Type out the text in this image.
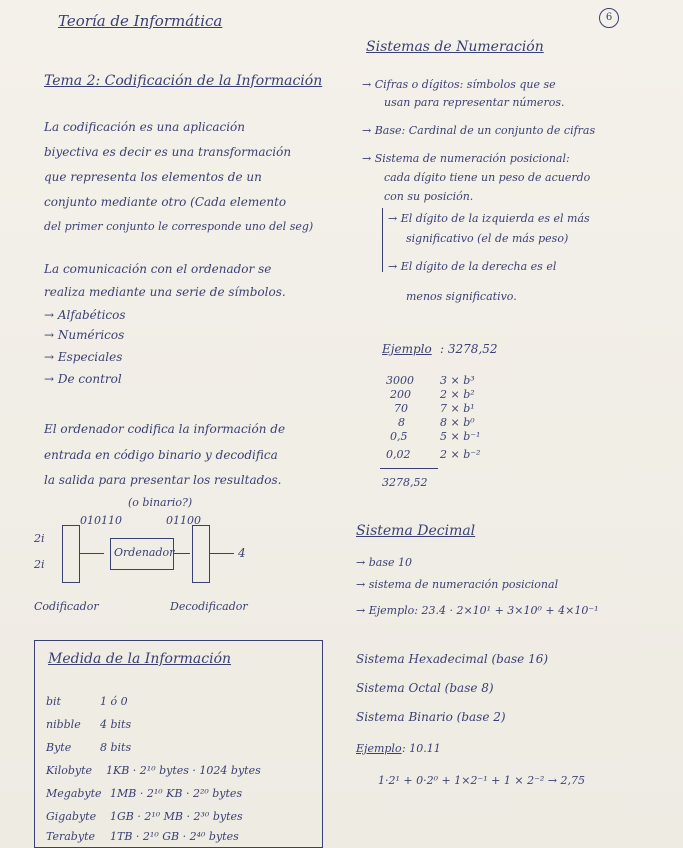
6
Teoría de Informática
Tema 2: Codificación de la Información
La codificación es una aplicación
biyectiva es decir es una transformación
que representa los elementos de un
conjunto mediante otro (Cada elemento
del primer conjunto le corresponde uno del seg)
La comunicación con el ordenador se
realiza mediante una serie de símbolos.
→ Alfabéticos
→ Numéricos
→ Especiales
→ De control
El ordenador codifica la información de
entrada en código binario y decodifica
la salida para presentar los resultados.
(o binario?)
010110	01100
2i
2i
Ordenador	4
Codificador	Decodificador
Medida de la Información
bit	1 ó 0
nibble 4 bits
Byte	8 bits
Kilobyte 1KB · 2¹⁰ bytes · 1024 bytes
Megabyte 1MB · 2¹⁰ KB · 2²⁰ bytes
Gigabyte 1GB · 2¹⁰ MB · 2³⁰ bytes
Terabyte 1TB · 2¹⁰ GB · 2⁴⁰ bytes
Sistemas de Numeración
→ Cifras o dígitos: símbolos que se
usan para representar números.
→ Base: Cardinal de un conjunto de cifras
→ Sistema de numeración posicional:
cada dígito tiene un peso de acuerdo
con su posición.
→ El dígito de la izquierda es el más
significativo (el de más peso)
→ El dígito de la derecha es el
menos significativo.
Ejemplo : 3278,52
3000 3 × b³
200	2 × b²
70	7 × b¹
8	8 × b⁰
0,5	5 × b⁻¹
0,02	2 × b⁻²
3278,52
Sistema Decimal
→ base 10
→ sistema de numeración posicional
→ Ejemplo: 23.4 · 2×10¹ + 3×10⁰ + 4×10⁻¹
Sistema Hexadecimal (base 16)
Sistema Octal (base 8)
Sistema Binario (base 2)
Ejemplo : 10.11
1·2¹ + 0·2⁰ + 1×2⁻¹ + 1 × 2⁻² → 2,75
